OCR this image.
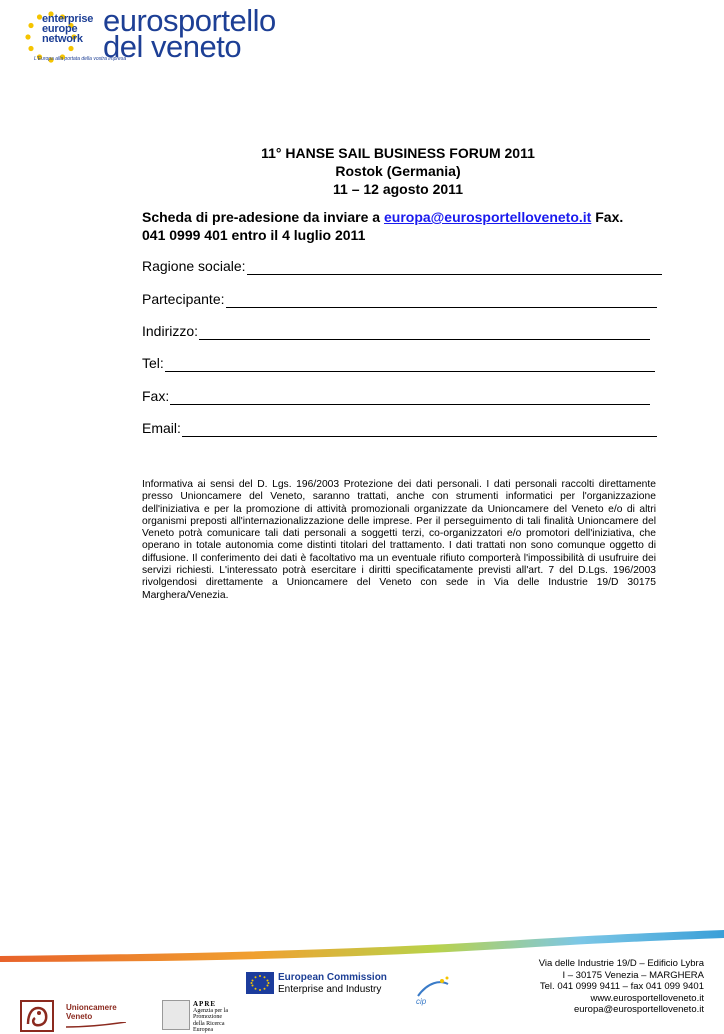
enterprise
europe
network
eurosportello
del veneto
L'Europa alla portata della vostra impresa
11° HANSE SAIL BUSINESS FORUM 2011
Rostok (Germania)
11 – 12 agosto 2011
Scheda di pre-adesione da inviare a europa@eurosportelloveneto.it Fax. 041 0999 401 entro il 4 luglio 2011
Ragione sociale:
Partecipante:
Indirizzo:
Tel:
Fax:
Email:
Informativa ai sensi del D. Lgs. 196/2003 Protezione dei dati personali. I dati personali raccolti direttamente presso Unioncamere del Veneto, saranno trattati, anche con strumenti informatici per l'organizzazione dell'iniziativa e per la promozione di attività promozionali organizzate da Unioncamere del Veneto e/o di altri organismi preposti all'internazionalizzazione delle imprese. Per il perseguimento di tali finalità Unioncamere del Veneto potrà comunicare tali dati personali a soggetti terzi, co-organizzatori e/o promotori dell'iniziativa, che operano in totale autonomia come distinti titolari del trattamento. I dati trattati non sono comunque oggetto di diffusione. Il conferimento dei dati è facoltativo ma un eventuale rifiuto comporterà l'impossibilità di usufruire dei servizi richiesti. L'interessato potrà esercitare i diritti specificatamente previsti all'art. 7 del D.Lgs. 196/2003 rivolgendosi direttamente a Unioncamere del Veneto con sede in Via delle Industrie 19/D 30175 Marghera/Venezia.
Unioncamere
Veneto
APRE
Agenzia per la
Promozione
della Ricerca
Europea
European Commission
Enterprise and Industry
cip
Via delle Industrie 19/D – Edificio Lybra
I – 30175 Venezia – MARGHERA
Tel. 041 0999 9411 – fax 041 099 9401
www.eurosportelloveneto.it
europa@eurosportelloveneto.it
